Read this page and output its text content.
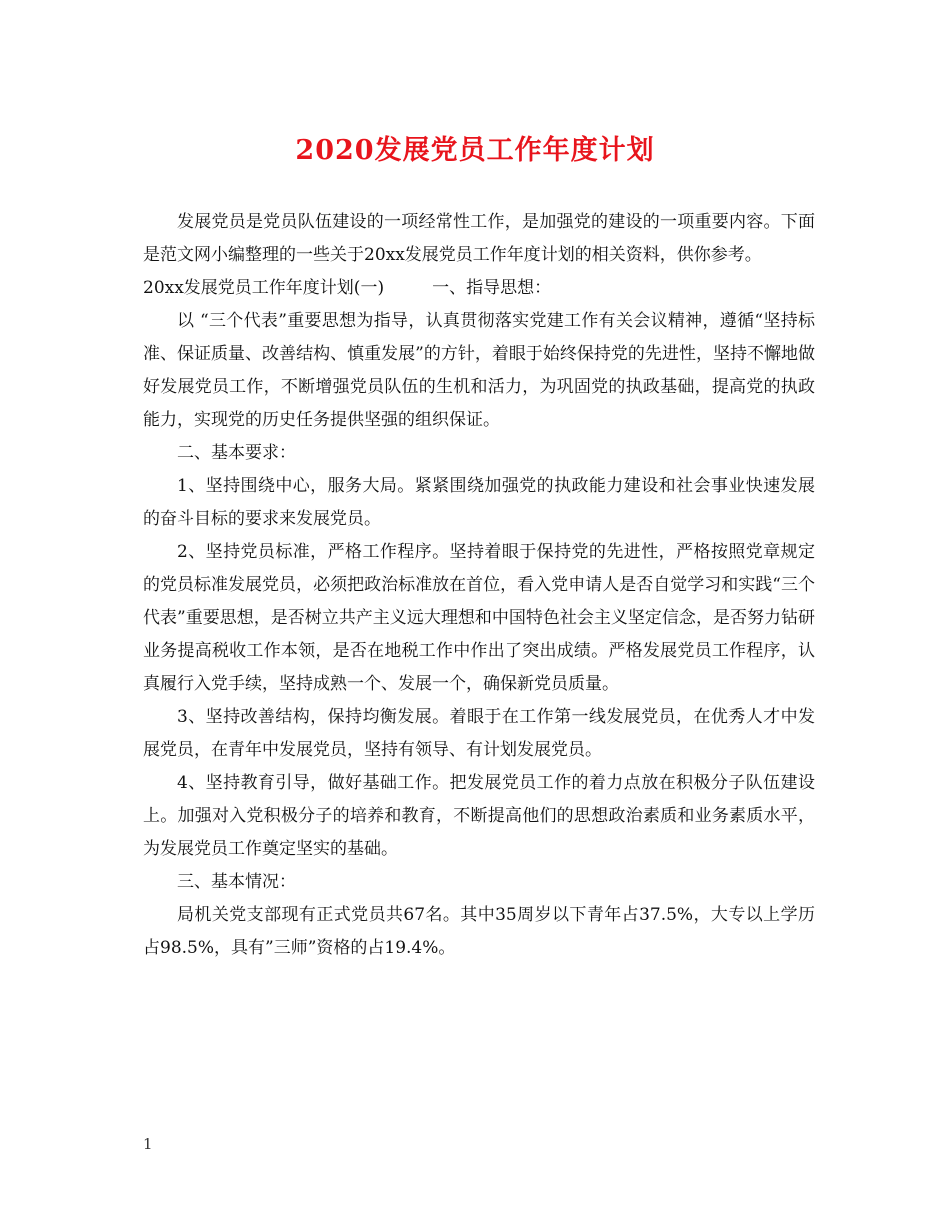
2020发展党员工作年度计划

发展党员是党员队伍建设的一项经常性工作，是加强党的建设的一项重要内容。下面是范文网小编整理的一些关于20xx发展党员工作年度计划的相关资料，供你参考。

20xx发展党员工作年度计划(一)	一、指导思想：

以 “三个代表”重要思想为指导，认真贯彻落实党建工作有关会议精神，遵循“坚持标准、保证质量、改善结构、慎重发展”的方针，着眼于始终保持党的先进性，坚持不懈地做好发展党员工作，不断增强党员队伍的生机和活力，为巩固党的执政基础，提高党的执政能力，实现党的历史任务提供坚强的组织保证。

二、基本要求：

1、坚持围绕中心，服务大局。紧紧围绕加强党的执政能力建设和社会事业快速发展的奋斗目标的要求来发展党员。

2、坚持党员标准，严格工作程序。坚持着眼于保持党的先进性，严格按照党章规定的党员标准发展党员，必须把政治标准放在首位，看入党申请人是否自觉学习和实践“三个代表”重要思想，是否树立共产主义远大理想和中国特色社会主义坚定信念，是否努力钻研业务提高税收工作本领，是否在地税工作中作出了突出成绩。严格发展党员工作程序，认真履行入党手续，坚持成熟一个、发展一个，确保新党员质量。

3、坚持改善结构，保持均衡发展。着眼于在工作第一线发展党员，在优秀人才中发展党员，在青年中发展党员，坚持有领导、有计划发展党员。

4、坚持教育引导，做好基础工作。把发展党员工作的着力点放在积极分子队伍建设上。加强对入党积极分子的培养和教育，不断提高他们的思想政治素质和业务素质水平，为发展党员工作奠定坚实的基础。

三、基本情况：

局机关党支部现有正式党员共67名。其中35周岁以下青年占37.5%，大专以上学历占98.5%，具有”三师”资格的占19.4%。

1
